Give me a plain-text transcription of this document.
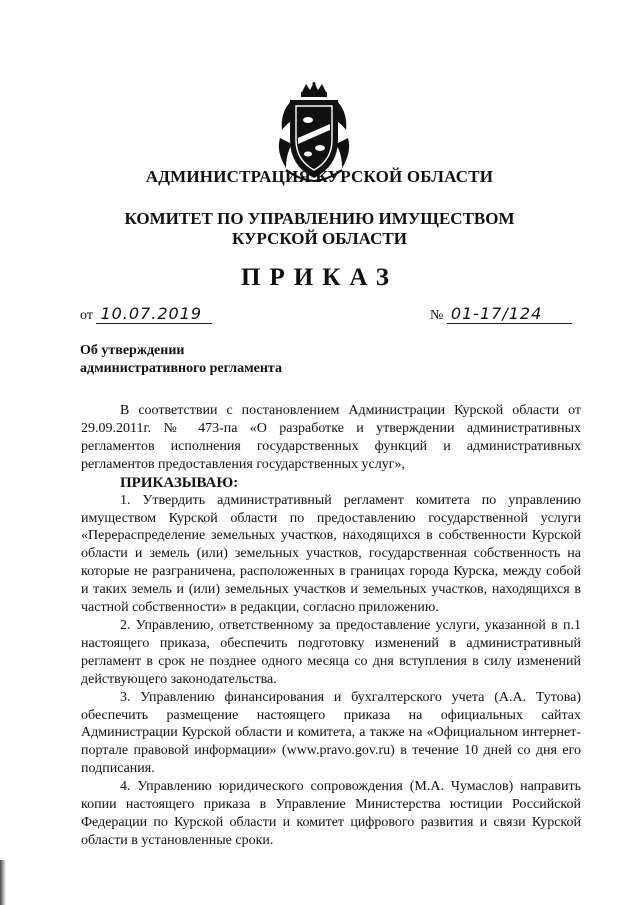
АДМИНИСТРАЦИЯ КУРСКОЙ ОБЛАСТИ
КОМИТЕТ ПО УПРАВЛЕНИЮ ИМУЩЕСТВОМ
КУРСКОЙ ОБЛАСТИ
ПРИКАЗ
от 10.07.2019	№ 01-17/124
Об утверждении
административного регламента

В соответствии с постановлением Администрации Курской области от 29.09.2011г. № 473-па «О разработке и утверждении административных регламентов исполнения государственных функций и административных регламентов предоставления государственных услуг»,

ПРИКАЗЫВАЮ:

1. Утвердить административный регламент комитета по управлению имуществом Курской области по предоставлению государственной услуги «Перераспределение земельных участков, находящихся в собственности Курской области и земель (или) земельных участков, государственная собственность на которые не разграничена, расположенных в границах города Курска, между собой и таких земель и (или) земельных участков и земельных участков, находящихся в частной собственности» в редакции, согласно приложению.

2. Управлению, ответственному за предоставление услуги, указанной в п.1 настоящего приказа, обеспечить подготовку изменений в административный регламент в срок не позднее одного месяца со дня вступления в силу изменений действующего законодательства.

3. Управлению финансирования и бухгалтерского учета (А.А. Тутова) обеспечить размещение настоящего приказа на официальных сайтах Администрации Курской области и комитета, а также на «Официальном интернет-портале правовой информации» (www.pravo.gov.ru) в течение 10 дней со дня его подписания.

4. Управлению юридического сопровождения (М.А. Чумаслов) направить копии настоящего приказа в Управление Министерства юстиции Российской Федерации по Курской области и комитет цифрового развития и связи Курской области в установленные сроки.
